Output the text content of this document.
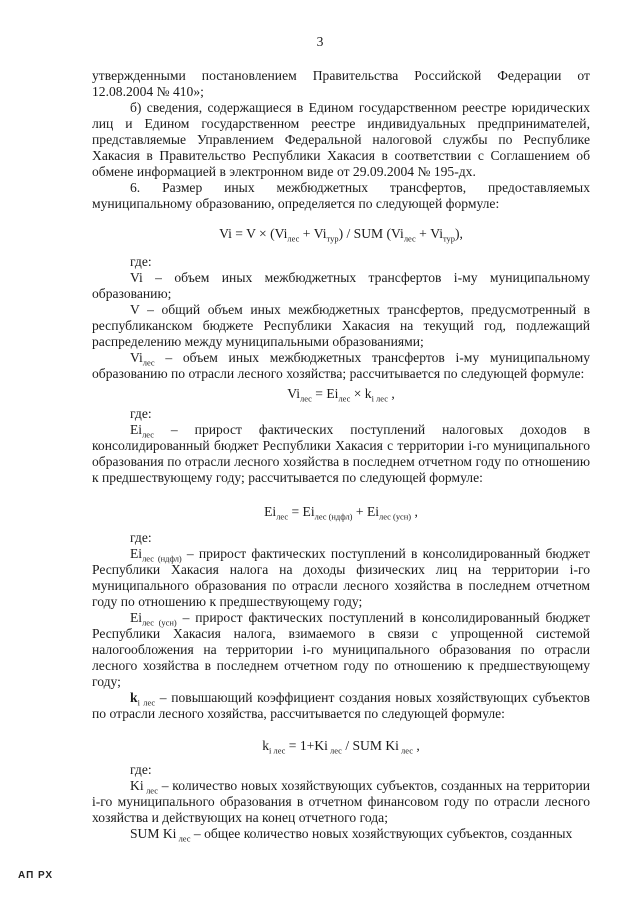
3

утвержденными постановлением Правительства Российской Федерации от 12.08.2004 № 410»;

б) сведения, содержащиеся в Едином государственном реестре юридических лиц и Едином государственном реестре индивидуальных предпринимателей, представляемые Управлением Федеральной налоговой службы по Республике Хакасия в Правительство Республики Хакасия в соответствии с Соглашением об обмене информацией в электронном виде от 29.09.2004 № 195-дх.

6. Размер иных межбюджетных трансфертов, предоставляемых муниципальному образованию, определяется по следующей формуле:

$Vi = V \times (Vi_{лес} + Vi_{тур})$ / SUM $(Vi_{лес} + Vi_{тур})$,

где:

Vi – объем иных межбюджетных трансфертов i-му муниципальному образованию;

V – общий объем иных межбюджетных трансфертов, предусмотренный в республиканском бюджете Республики Хакасия на текущий год, подлежащий распределению между муниципальными образованиями;

$Vi_{лес}$ – объем иных межбюджетных трансфертов i-му муниципальному образованию по отрасли лесного хозяйства; рассчитывается по следующей формуле:

$Vi_{лес} = Ei_{лес} \times k_{i лес}$ ,

где:

$Ei_{лес}$ – прирост фактических поступлений налоговых доходов в консолидированный бюджет Республики Хакасия с территории i-го муниципального образования по отрасли лесного хозяйства в последнем отчетном году по отношению к предшествующему году; рассчитывается по следующей формуле:

$Ei_{лес} = Ei_{лес (ндфл)} + Ei_{лес (усн)}$ ,

где:

$Ei_{лес (ндфл)}$ – прирост фактических поступлений в консолидированный бюджет Республики Хакасия налога на доходы физических лиц на территории i-го муниципального образования по отрасли лесного хозяйства в последнем отчетном году по отношению к предшествующему году;

$Ei_{лес (усн)}$ – прирост фактических поступлений в консолидированный бюджет Республики Хакасия налога, взимаемого в связи с упрощенной системой налогообложения на территории i-го муниципального образования по отрасли лесного хозяйства в последнем отчетном году по отношению к предшествующему году;

$k_{i лес}$ – повышающий коэффициент создания новых хозяйствующих субъектов по отрасли лесного хозяйства, рассчитывается по следующей формуле:

$k_{i лес} = 1+Ki$ $_{лес}$ / SUM Ki $_{лес}$ ,

где:

Ki $_{лес}$ – количество новых хозяйствующих субъектов, созданных на территории i-го муниципального образования в отчетном финансовом году по отрасли лесного хозяйства и действующих на конец отчетного года;

SUM Ki $_{лес}$ – общее количество новых хозяйствующих субъектов, созданных

АП РХ
